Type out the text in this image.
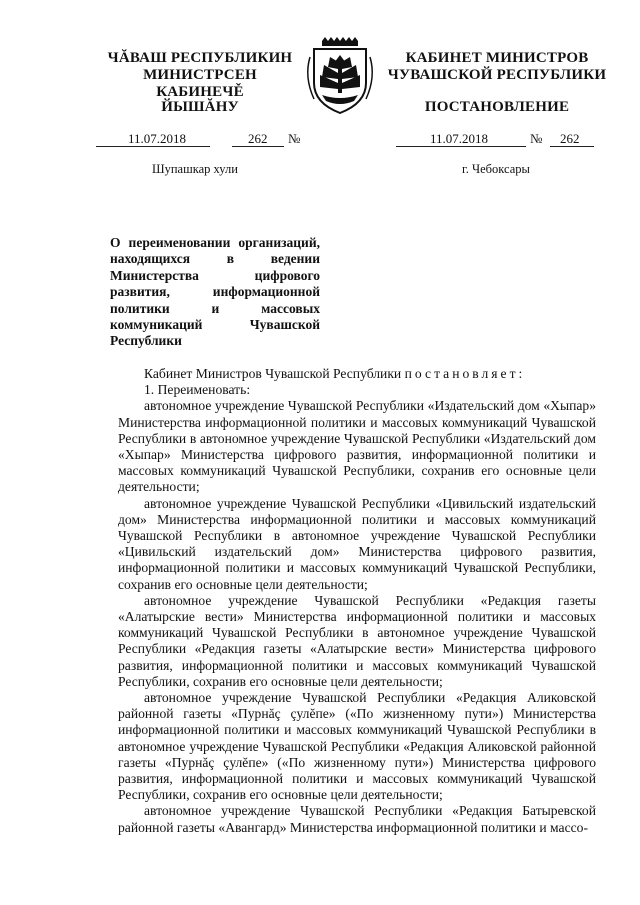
ЧĂВАШ РЕСПУБЛИКИН
МИНИСТРСЕН КАБИНЕЧĚ
ЙЫШĂНУ
КАБИНЕТ МИНИСТРОВ
ЧУВАШСКОЙ РЕСПУБЛИКИ
ПОСТАНОВЛЕНИЕ
11.07.2018	262 №	11.07.2018	№ 262
Шупашкар хули	г. Чебоксары
О переименовании организаций, находящихся в ведении Министерства цифрового развития, информационной политики и массовых коммуникаций Чувашской Республики

Кабинет Министров Чувашской Республики постановляет:

1. Переименовать:

автономное учреждение Чувашской Республики «Издательский дом «Хыпар» Министерства информационной политики и массовых коммуникаций Чувашской Республики в автономное учреждение Чувашской Республики «Издательский дом «Хыпар» Министерства цифрового развития, информационной политики и массовых коммуникаций Чувашской Республики, сохранив его основные цели деятельности;

автономное учреждение Чувашской Республики «Цивильский издательский дом» Министерства информационной политики и массовых коммуникаций Чувашской Республики в автономное учреждение Чувашской Республики «Цивильский издательский дом» Министерства цифрового развития, информационной политики и массовых коммуникаций Чувашской Республики, сохранив его основные цели деятельности;

автономное учреждение Чувашской Республики «Редакция газеты «Алатырские вести» Министерства информационной политики и массовых коммуникаций Чувашской Республики в автономное учреждение Чувашской Республики «Редакция газеты «Алатырские вести» Министерства цифрового развития, информационной политики и массовых коммуникаций Чувашской Республики, сохранив его основные цели деятельности;

автономное учреждение Чувашской Республики «Редакция Аликовской районной газеты «Пурнăç çулĕпе» («По жизненному пути») Министерства информационной политики и массовых коммуникаций Чувашской Республики в автономное учреждение Чувашской Республики «Редакция Аликовской районной газеты «Пурнăç çулĕпе» («По жизненному пути») Министерства цифрового развития, информационной политики и массовых коммуникаций Чувашской Республики, сохранив его основные цели деятельности;

автономное учреждение Чувашской Республики «Редакция Батыревской районной газеты «Авангард» Министерства информационной политики и массо-
